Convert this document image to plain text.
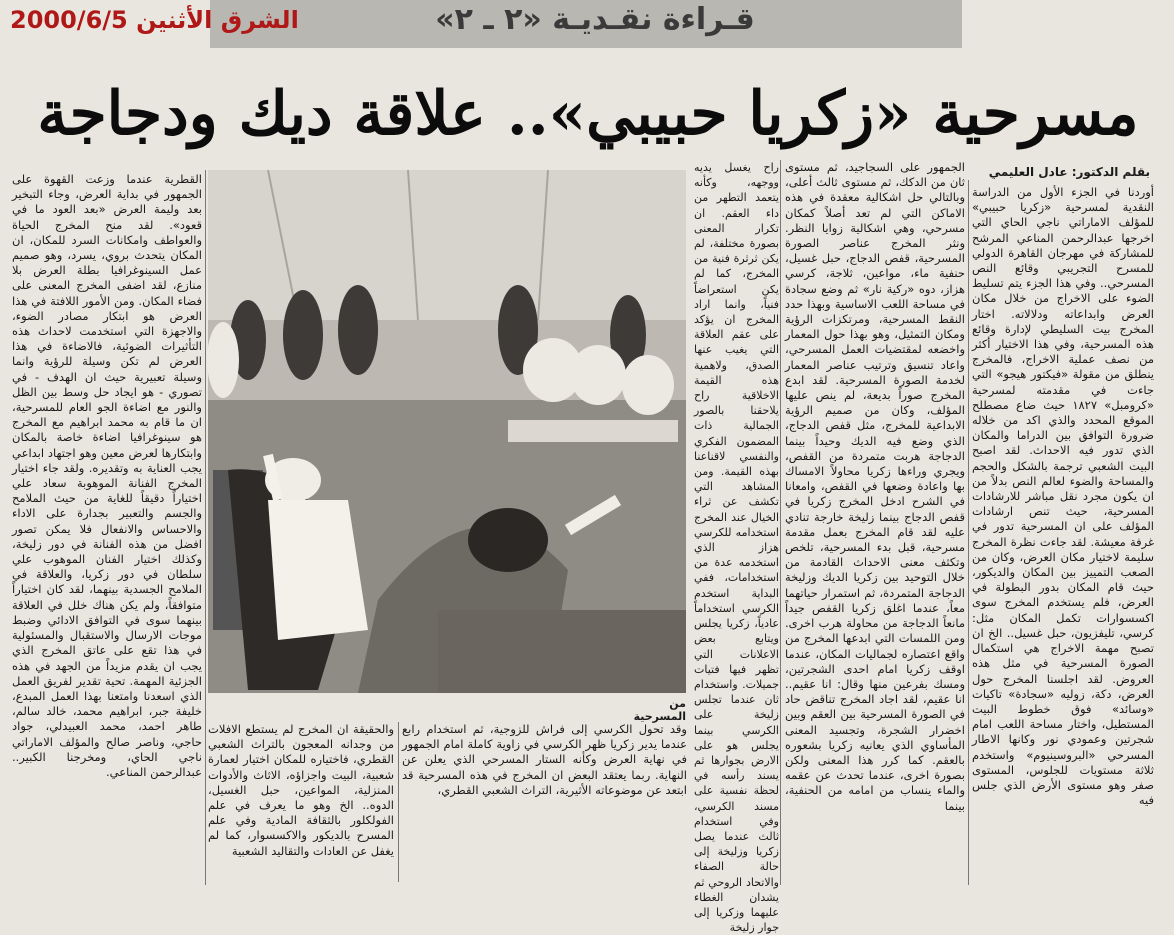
الشرق الأثنين 2000/6/5	قـراءة نقـديـة «٢ ـ ٢»
مسرحية «زكريا حبيبي».. علاقة ديك ودجاجة
بقلم الدكتور: عادل العليمي

أوردنا في الجزء الأول من الدراسة النقدية لمسرحية «زكريا حبيبي» للمؤلف الاماراتي ناجي الحاي التي اخرجها عبدالرحمن المناعي المرشح للمشاركة في مهرجان القاهرة الدولي للمسرح التجريبي وقائع النص المسرحي.. وفي هذا الجزء يتم تسليط الضوء على الاخراج من خلال مكان العرض وابداعاته ودلالاته. اختار المخرج بيت السليطي لإدارة وقائع هذه المسرحية، وفي هذا الاختيار أكثر من نصف عملية الاخراج، فالمخرج ينطلق من مقولة «فيكتور هيجو» التي جاءت في مقدمته لمسرحية «كرومبل» ١٨٢٧ حيث ضاع مصطلح الموقع المحدد والذي اكد من خلاله ضرورة التوافق بين الدراما والمكان الذي تدور فيه الاحداث. لقد اصبح البيت الشعبي ترجمة بالشكل والحجم والمساحة والضوء لعالم النص بدلاً من ان يكون مجرد نقل مباشر للارشادات المسرحية، حيث تنص ارشادات المؤلف على ان المسرحية تدور في غرفة معيشة. لقد جاءت نظرة المخرج سليمة لاختيار مكان العرض، وكان من الصعب التمييز بين المكان والديكور، حيث قام المكان بدور البطولة في العرض، فلم يستخدم المخرج سوى اكسسوارات تكمل المكان مثل: كرسي، تليفزيون، حبل غسيل.. الخ ان تصبح مهمة الاخراج هي استكمال الصورة المسرحية في مثل هذه العروض. لقد اجلسنا المخرج حول العرض، دكة، زوليه «سجادة» تاكيات «وسائد» فوق خطوط البيت المستطيل، واختار مساحة اللعب امام شجرتين وعمودي نور وكانها الاطار المسرحي «البروسينيوم» واستخدم ثلاثة مستويات للجلوس، المستوى صفر وهو مستوى الأرض الذي جلس فيه

الجمهور على السجاجيد، ثم مستوى ثان من الدكك، ثم مستوى ثالث أعلى، وبالتالي حل اشكالية معقدة في هذه الاماكن التي لم تعد أصلاً كمكان مسرحي، وهي اشكالية زوايا النظر. ونثر المخرج عناصر الصورة المسرحية، قفص الدجاج، حبل غسيل، حنفية ماء، مواعين، ثلاجة، كرسي هزاز، دوه «ركية نار» ثم وضع سجادة في مساحة اللعب الاساسية وبهذا حدد النقط المسرحية، ومرتكزات الرؤية ومكان التمثيل، وهو بهذا حول المعمار واخضعه لمقتضيات العمل المسرحي، واعاد تنسيق وترتيب عناصر المعمار لخدمة الصورة المسرحية. لقد ابدع المخرج صوراً بديعة، لم ينص عليها المؤلف، وكان من صميم الرؤية الابداعية للمخرج، مثل قفص الدجاج، الذي وضع فيه الديك وحيداً بينما الدجاجة هربت متمردة من القفص، ويجري وراءها زكريا محاولاً الامساك بها واعادة وضعها في القفص، وامعانا في الشرح ادخل المخرج زكريا في قفص الدجاج بينما زليخة خارجة تنادي عليه لقد قام المخرج بعمل مقدمة مسرحية، قبل بدء المسرحية، تلخص وتكثف معنى الاحداث القادمة من خلال التوحيد بين زكريا الديك وزليخة الدجاجة المتمردة، ثم استمرار حياتهما معاً، عندما اغلق زكريا القفص جيداً مانعاً الدجاجة من محاولة هرب اخرى. ومن اللمسات التي ابدعها المخرج من واقع اعتصاره لجماليات المكان، عندما اوقف زكريا امام احدى الشجرتين، ومسك بفرعين منها وقال: انا عقيم.. انا عقيم، لقد اجاد المخرج تناقض حاد في الصورة المسرحية بين العقم وبين اخضرار الشجرة، وتجسيد المعنى المأساوي الذي يعانيه زكريا بشعوره بالعقم. كما كرر هذا المعنى ولكن بصورة اخرى، عندما تحدث عن عقمه والماء ينساب من امامه من الحنفية، بينما

راح يغسل يديه ووجهه، وكأنه يتعمد التطهر من داء العقم. ان تكرار المعنى بصورة مختلفة، لم يكن ثرثرة فنية من المخرج، كما لم يكن استعراضاً فنياً، وانما اراد المخرج ان يؤكد على عقم العلاقة التي يغيب عنها الصدق، ولاهمية هذه القيمة الاخلاقية راح يلاحقنا بالصور الجمالية ذات المضمون الفكري والنفسي لاقناعنا بهذه القيمة. ومن المشاهد التي تكشف عن ثراء الخيال عند المخرج استخدامه للكرسي هزاز الذي استخدمه عدة من استخدامات، ففي البداية استخدم الكرسي استخداماً عادياً، زكريا يجلس ويتابع بعض الاعلانات التي تظهر فيها فتيات جميلات. واستخدام ثان عندما تجلس زليخة على الكرسي بينما يجلس هو على الارض بجوارها ثم يسند رأسه في لحظة نفسية على مسند الكرسي، وفي استخدام ثالث عندما يصل زكريا وزليخة إلى حالة الصفاء والاتحاد الروحي ثم يشدان الغطاء عليهما وزكريا إلى جوار زليخة

وقد تحول الكرسي إلى فراش للزوجية، ثم استخدام رابع عندما يدير زكريا ظهر الكرسي في زاوية كاملة امام الجمهور في نهاية العرض وكأنه الستار المسرحي الذي يعلن عن النهاية. ربما يعتقد البعض ان المخرج في هذه المسرحية قد ابتعد عن موضوعاته الأثيرية، التراث الشعبي القطري،

والحقيقة ان المخرج لم يستطع الافلات من وجدانه المعجون بالتراث الشعبي القطري، فاختياره للمكان اختيار لعمارة شعبية، البيت واجزاؤه، الاثاث والأدوات المنزلية، المواعين، حبل الغسيل، الدوه.. الخ وهو ما يعرف في علم الفولكلور بالثقافة المادية وفي علم المسرح بالديكور والاكسسوار، كما لم يغفل عن العادات والتقاليد الشعبية

القطرية عندما وزعت القهوة على الجمهور في بداية العرض، وجاء التبخير بعد وليمة العرض «بعد العود ما في قعود». لقد منح المخرج الحياة والعواطف وامكانات السرد للمكان، ان المكان يتحدث بروي، يسرد، وهو صميم عمل السينوغرافيا بطلة العرض بلا منازع، لقد اضفى المخرج المعنى على فضاء المكان. ومن الأمور اللافتة في هذا العرض هو ابتكار مصادر الضوء، والاجهزة التي استخدمت لاحداث هذه التأثيرات الضوئية، فالاضاءة في هذا العرض لم تكن وسيلة للرؤية وانما وسيلة تعبيرية حيث ان الهدف - في تصوري - هو ايجاد حل وسط بين الظل والنور مع اضاءة الجو العام للمسرحية، ان ما قام به محمد ابراهيم مع المخرج هو سينوغرافيا اضاءة خاصة بالمكان وابتكارها لعرض معين وهو اجتهاد ابداعي يجب العناية به وتقديره. ولقد جاء اختيار المخرج الفنانة الموهوبة سعاد علي اختياراً دقيقاً للغاية من حيث الملامح والجسم والتعبير بجدارة على الاداء والاحساس والانفعال فلا يمكن تصور افضل من هذه الفنانة في دور زليخة، وكذلك اختيار الفنان الموهوب علي سلطان في دور زكريا، والعلاقة في الملامح الجسدية بينهما، لقد كان اختياراً متوافقاً، ولم يكن هناك خلل في العلاقة بينهما سوى في التوافق الادائي وضبط موجات الارسال والاستقبال والمسئولية في هذا تقع على عاتق المخرج الذي يجب ان يقدم مزيداً من الجهد في هذه الجزئية المهمة. تحية تقدير لفريق العمل الذي اسعدنا وامتعنا بهذا العمل المبدع، خليفة جبر، ابراهيم محمد، خالد سالم، طاهر احمد، محمد العبيدلي، جواد حاجي، وناصر صالح والمؤلف الاماراتي ناجي الحاي، ومخرجنا الكبير.. عبدالرحمن المناعي.

من المسرحية
